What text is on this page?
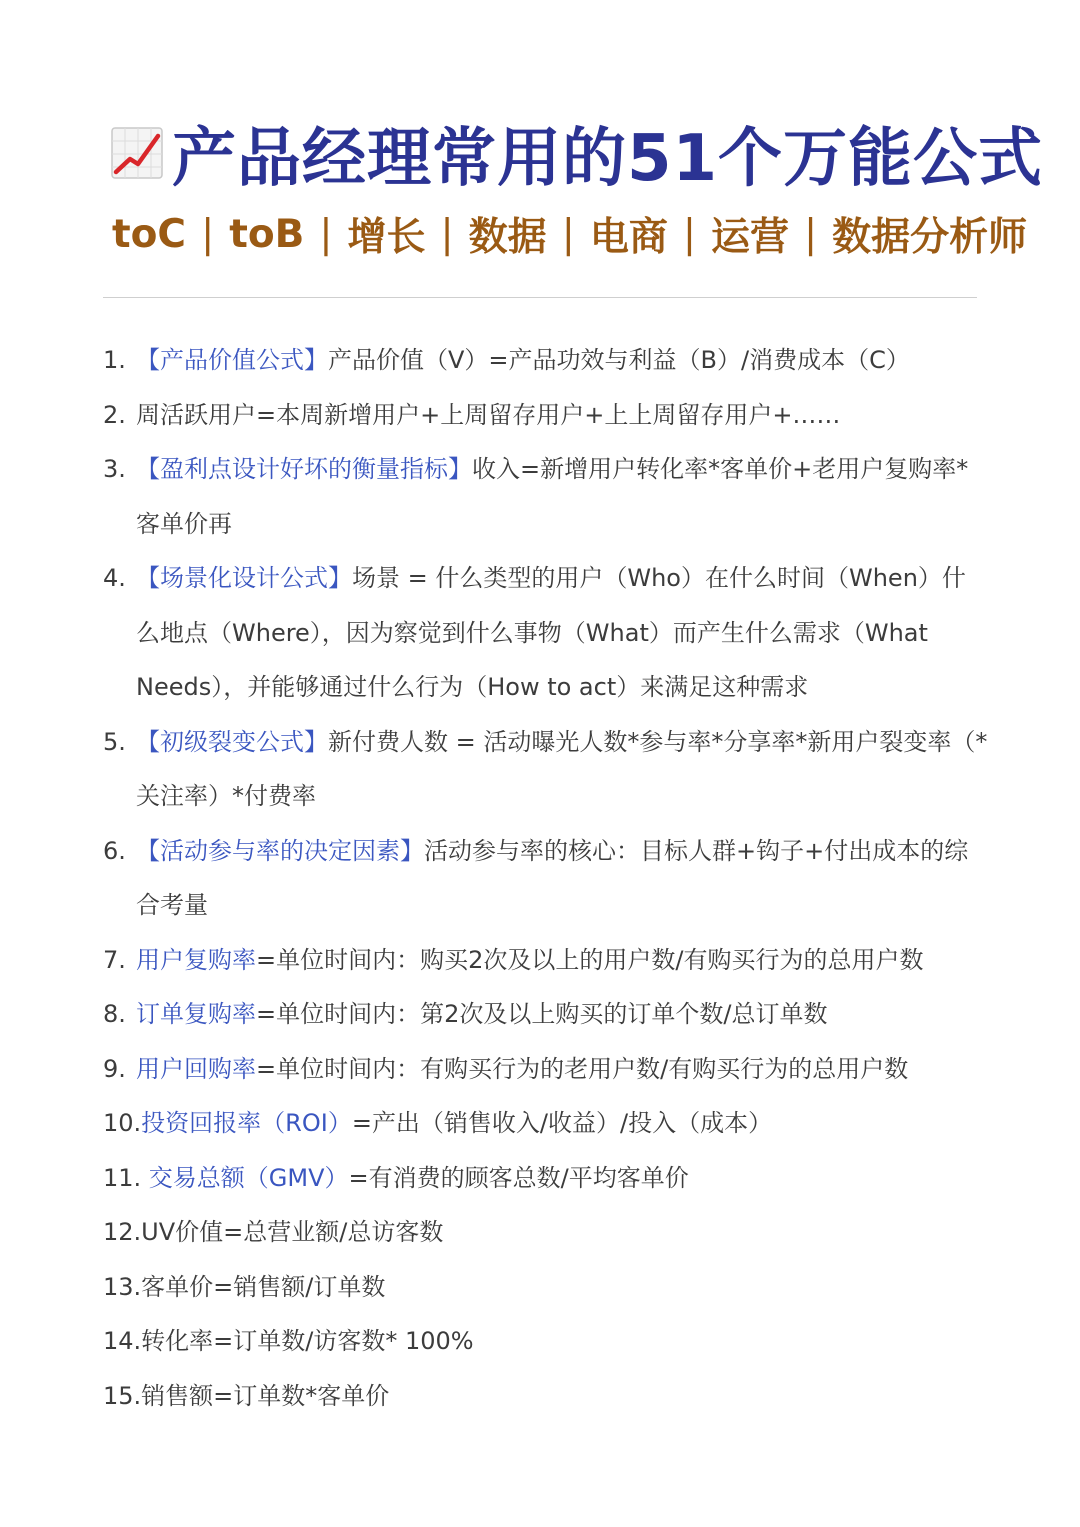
产品经理常用的51个万能公式
toC | toB | 增长 | 数据 | 电商 | 运营 | 数据分析师
1. 【产品价值公式】产品价值（V）=产品功效与利益（B）/消费成本（C）
2. 周活跃用户=本周新增用户+上周留存用户+上上周留存用户+……
3. 【盈利点设计好坏的衡量指标】收入=新增用户转化率*客单价+老用户复购率*客单价再
4. 【场景化设计公式】场景 = 什么类型的用户（Who）在什么时间（When）什么地点（Where），因为察觉到什么事物（What）而产生什么需求（What Needs），并能够通过什么行为（How to act）来满足这种需求
5. 【初级裂变公式】新付费人数 = 活动曝光人数*参与率*分享率*新用户裂变率（*关注率）*付费率
6. 【活动参与率的决定因素】活动参与率的核心：目标人群+钩子+付出成本的综合考量
7. 用户复购率=单位时间内：购买2次及以上的用户数/有购买行为的总用户数
8. 订单复购率=单位时间内：第2次及以上购买的订单个数/总订单数
9. 用户回购率=单位时间内：有购买行为的老用户数/有购买行为的总用户数
10. 投资回报率（ROI）=产出（销售收入/收益）/投入（成本）
11. 交易总额（GMV）=有消费的顾客总数/平均客单价
12. UV价值=总营业额/总访客数
13. 客单价=销售额/订单数
14. 转化率=订单数/访客数* 100%
15. 销售额=订单数*客单价
